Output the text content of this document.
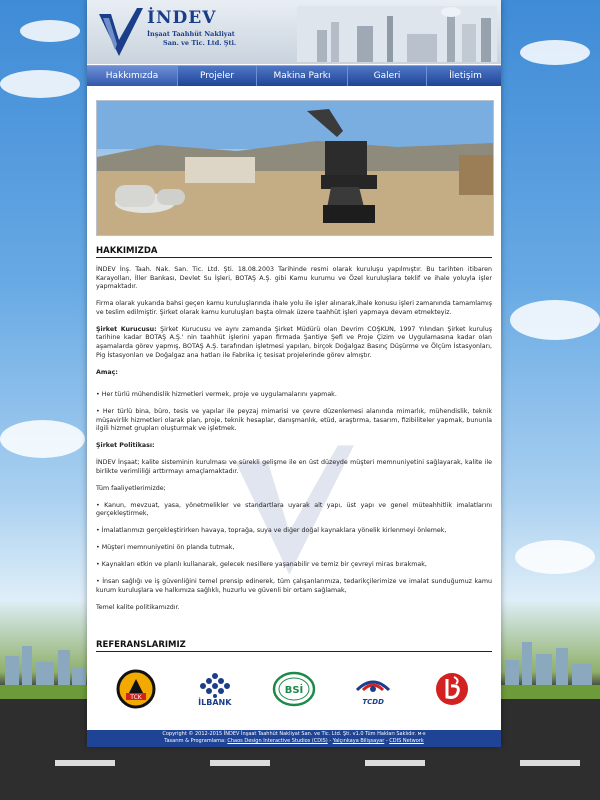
İNDEV
İnşaat Taahhüt Nakliyat
San. ve Tic. Ltd. Şti.
Hakkımızda	Projeler	Makina Parkı	Galeri	İletişim
HAKKIMIZDA

İNDEV İnş. Taah. Nak. San. Tic. Ltd. Şti. 18.08.2003 Tarihinde resmi olarak kuruluşu yapılmıştır. Bu tarihten itibaren Karayolları, İller Bankası, Devlet Su İşleri, BOTAŞ A.Ş. gibi Kamu kurumu ve Özel kuruluşlara teklif ve ihale yoluyla işler yapmaktadır.

Firma olarak yukarıda bahsi geçen kamu kuruluşlarında ihale yolu ile işler alınarak,ihale konusu işleri zamanında tamamlamış ve teslim edilmiştir. Şirket olarak kamu kuruluşları başta olmak üzere taahhüt işleri yapmaya devam etmekteyiz.

Şirket Kurucusu: Şirket Kurucusu ve aynı zamanda Şirket Müdürü olan Devrim COŞKUN, 1997 Yılından Şirket kuruluş tarihine kadar BOTAŞ A.Ş.' nin taahhüt işlerini yapan firmada Şantiye Şefi ve Proje Çizim ve Uygulamasına kadar olan aşamalarda görev yapmış, BOTAŞ A.Ş. tarafından işletmesi yapılan, birçok Doğalgaz Basınç Düşürme ve Ölçüm İstasyonları, Pig İstasyonları ve Doğalgaz ana hatları ile Fabrika iç tesisat projelerinde görev almıştır.

Amaç:

• Her türlü mühendislik hizmetleri vermek, proje ve uygulamalarını yapmak.

• Her türlü bina, büro, tesis ve yapılar ile peyzaj mimarisi ve çevre düzenlemesi alanında mimarlık, mühendislik, teknik müşavirlik hizmetleri olarak plan, proje, teknik hesaplar, danışmanlık, etüd, araştırma, tasarım, fizibiliteler yapmak, bununla ilgili hizmet grupları oluşturmak ve işletmek.

Şirket Politikası:

İNDEV İnşaat; kalite sisteminin kurulması ve sürekli gelişme ile en üst düzeyde müşteri memnuniyetini sağlayarak, kalite ile birlikte verimliliği arttırmayı amaçlamaktadır.

Tüm faaliyetlerimizde;

• Kanun, mevzuat, yasa, yönetmelikler ve standartlara uyarak alt yapı, üst yapı ve genel müteahhitlik imalatlarını gerçekleştirmek,

• İmalatlarımızı gerçekleştirirken havaya, toprağa, suya ve diğer doğal kaynaklara yönelik kirlenmeyi önlemek,

• Müşteri memnuniyetini ön planda tutmak,

• Kaynakları etkin ve planlı kullanarak, gelecek nesillere yaşanabilir ve temiz bir çevreyi miras bırakmak,

• İnsan sağlığı ve iş güvenliğini temel prensip edinerek, tüm çalışanlarımıza, tedarikçilerimize ve imalat sunduğumuz kamu kurum kuruluşlara ve halkımıza sağlıklı, huzurlu ve güvenli bir ortam sağlamak,

Temel kalite politikamızdır.

REFERANSLARIMIZ
TCK	İLBANK
BSİ
TCDD
Copyright © 2012-2015 İNDEV İnşaat Taahhüt Nakliyat San. ve Tic. Ltd. Şti. v1.0 Tüm Hakları Saklıdır. ᴍ-ᴇ
Tasarım & Programlama: Chaos Design Interactive Studios (CDIS) - Yalçınkaya Bilişsayar - CDIS Network
